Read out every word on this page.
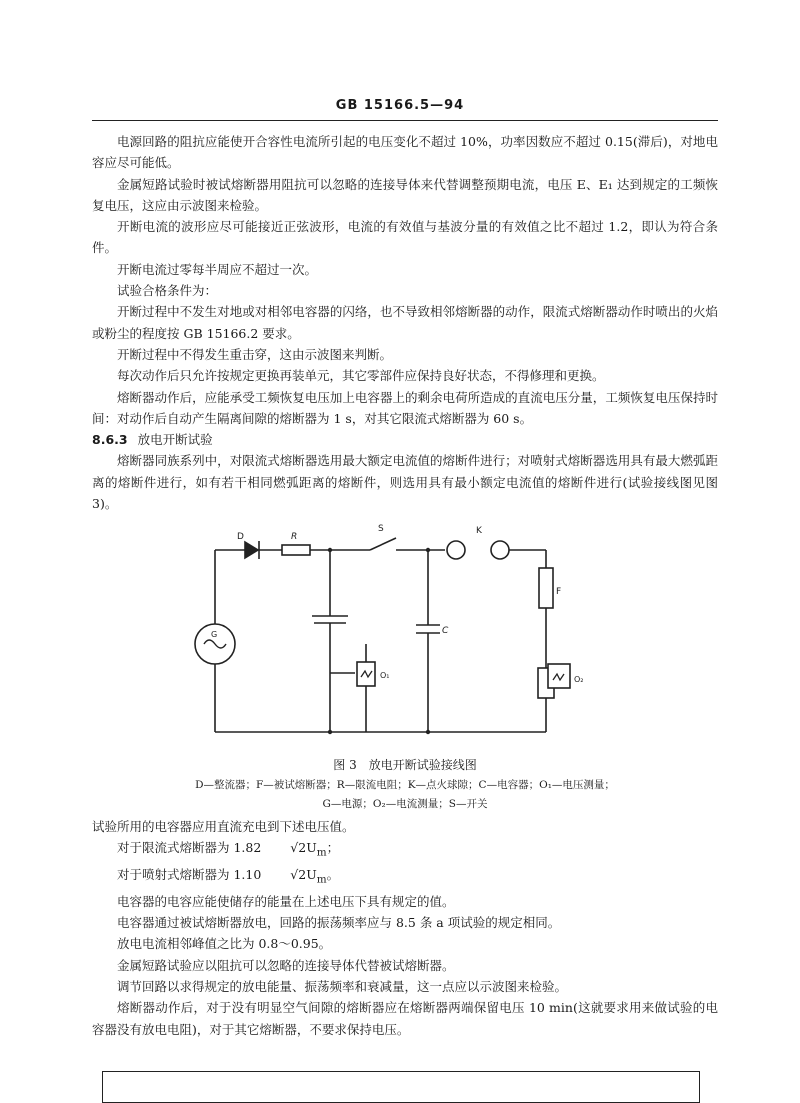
GB 15166.5—94

电源回路的阻抗应能使开合容性电流所引起的电压变化不超过 10%，功率因数应不超过 0.15(滞后)，对地电容应尽可能低。

金属短路试验时被试熔断器用阻抗可以忽略的连接导体来代替调整预期电流，电压 E、E₁ 达到规定的工频恢复电压，这应由示波图来检验。

开断电流的波形应尽可能接近正弦波形，电流的有效值与基波分量的有效值之比不超过 1.2，即认为符合条件。

开断电流过零每半周应不超过一次。

试验合格条件为：

开断过程中不发生对地或对相邻电容器的闪络，也不导致相邻熔断器的动作，限流式熔断器动作时喷出的火焰或粉尘的程度按 GB 15166.2 要求。

开断过程中不得发生重击穿，这由示波图来判断。

每次动作后只允许按规定更换再装单元，其它零部件应保持良好状态，不得修理和更换。

熔断器动作后，应能承受工频恢复电压加上电容器上的剩余电荷所造成的直流电压分量，工频恢复电压保持时间：对动作后自动产生隔离间隙的熔断器为 1 s，对其它限流式熔断器为 60 s。

8.6.3 放电开断试验

熔断器同族系列中，对限流式熔断器选用最大额定电流值的熔断件进行；对喷射式熔断器选用具有最大燃弧距离的熔断件进行，如有若干相同燃弧距离的熔断件，则选用具有最小额定电流值的熔断件进行(试验接线图见图 3)。

D	R
S	K
F
C
G
O₁	O₂
图 3　放电开断试验接线图
D—整流器；F—被试熔断器；R—限流电阻；K—点火球隙；C—电容器；O₁—电压测量；
G—电源；O₂—电流测量；S—开关

试验所用的电容器应用直流充电到下述电压值。

对于限流式熔断器为 1.82 $√2U_m$；

对于喷射式熔断器为 1.10 $√2U_m$。

电容器的电容应能使储存的能量在上述电压下具有规定的值。

电容器通过被试熔断器放电，回路的振荡频率应与 8.5 条 a 项试验的规定相同。

放电电流相邻峰值之比为 0.8～0.95。

金属短路试验应以阻抗可以忽略的连接导体代替被试熔断器。

调节回路以求得规定的放电能量、振荡频率和衰减量，这一点应以示波图来检验。

熔断器动作后，对于没有明显空气间隙的熔断器应在熔断器两端保留电压 10 min(这就要求用来做试验的电容器没有放电电阻)，对于其它熔断器，不要求保持电压。
